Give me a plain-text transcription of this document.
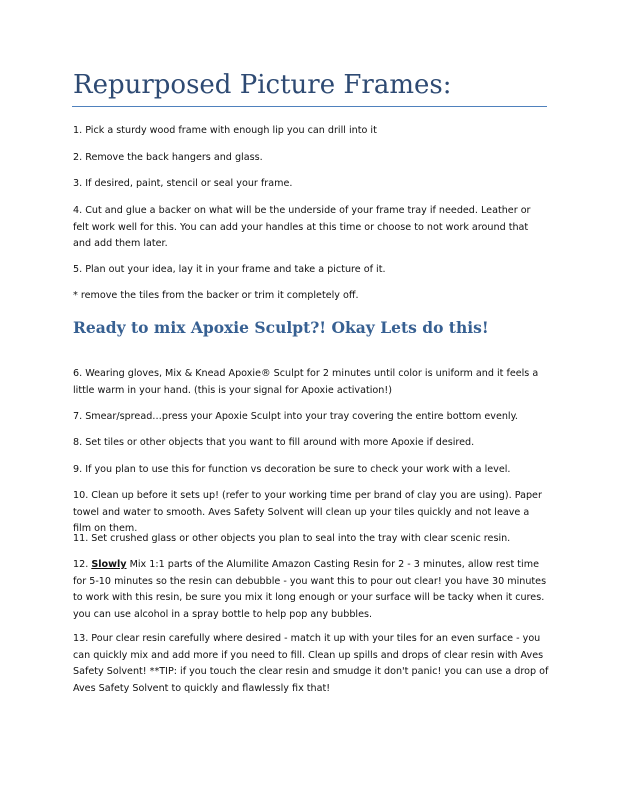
Repurposed Picture Frames:

1. Pick a sturdy wood frame with enough lip you can drill into it

2. Remove the back hangers and glass.

3. If desired, paint, stencil or seal your frame.

4. Cut and glue a backer on what will be the underside of your frame tray if needed. Leather or felt work well for this. You can add your handles at this time or choose to not work around that and add them later.

5. Plan out your idea, lay it in your frame and take a picture of it.

* remove the tiles from the backer or trim it completely off.

Ready to mix Apoxie Sculpt?! Okay Lets do this!

6. Wearing gloves, Mix & Knead Apoxie® Sculpt for 2 minutes until color is uniform and it feels a little warm in your hand. (this is your signal for Apoxie activation!)

7. Smear/spread…press your Apoxie Sculpt into your tray covering the entire bottom evenly.

8. Set tiles or other objects that you want to fill around with more Apoxie if desired.

9. If you plan to use this for function vs decoration be sure to check your work with a level.

10. Clean up before it sets up! (refer to your working time per brand of clay you are using). Paper towel and water to smooth. Aves Safety Solvent will clean up your tiles quickly and not leave a film on them.

11. Set crushed glass or other objects you plan to seal into the tray with clear scenic resin.

12. Slowly Mix 1:1 parts of the Alumilite Amazon Casting Resin for 2 - 3 minutes, allow rest time for 5-10 minutes so the resin can debubble - you want this to pour out clear! you have 30 minutes to work with this resin, be sure you mix it long enough or your surface will be tacky when it cures. you can use alcohol in a spray bottle to help pop any bubbles.

13. Pour clear resin carefully where desired - match it up with your tiles for an even surface - you can quickly mix and add more if you need to fill. Clean up spills and drops of clear resin with Aves Safety Solvent! **TIP: if you touch the clear resin and smudge it don't panic! you can use a drop of Aves Safety Solvent to quickly and flawlessly fix that!
